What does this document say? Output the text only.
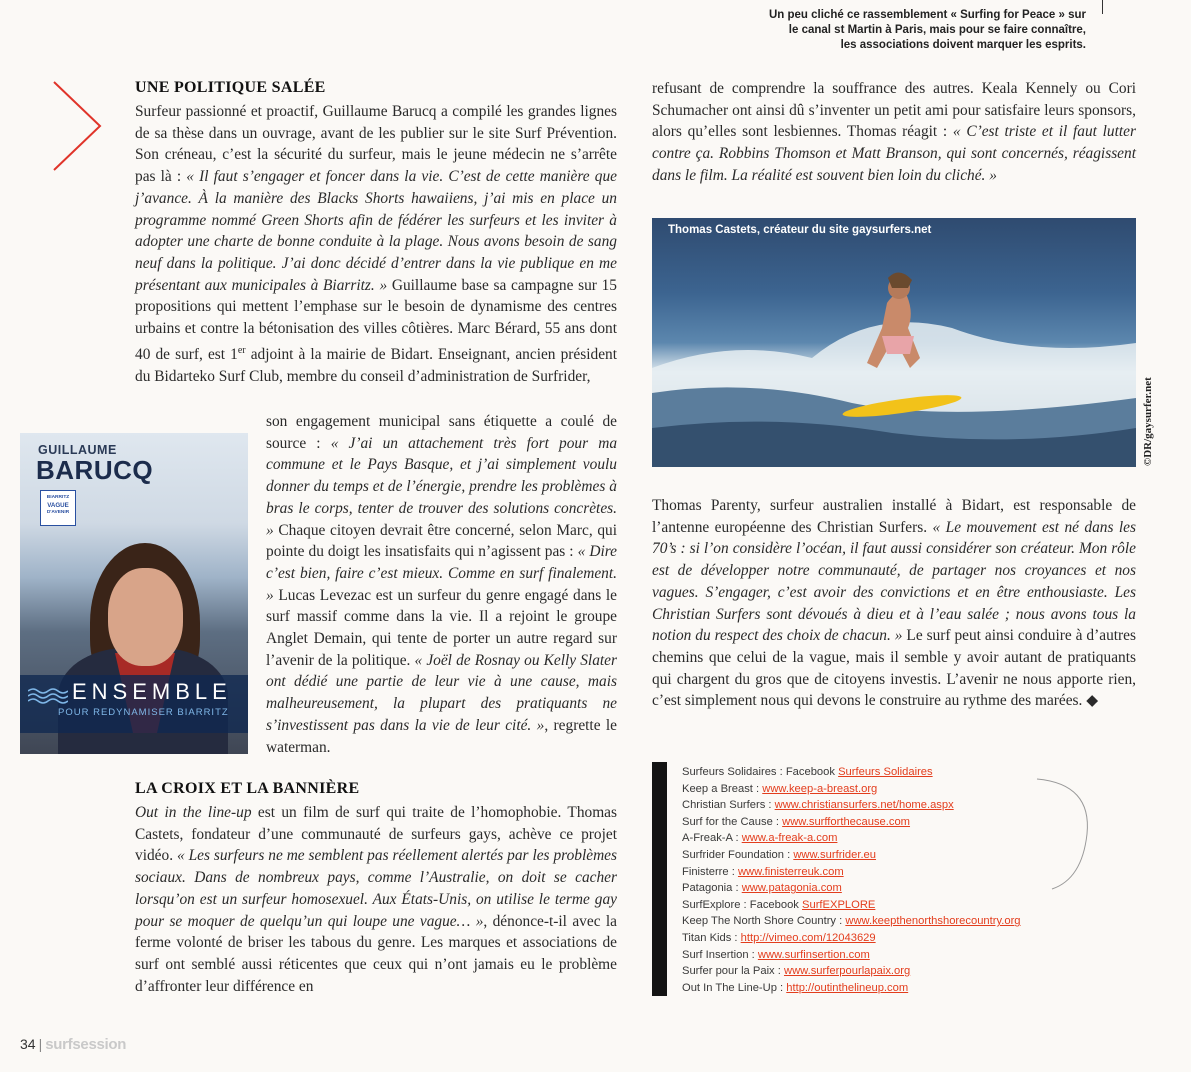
Un peu cliché ce rassemblement « Surfing for Peace » sur
le canal st Martin à Paris, mais pour se faire connaître,
les associations doivent marquer les esprits.
UNE POLITIQUE SALÉE

Surfeur passionné et proactif, Guillaume Barucq a compilé les grandes lignes de sa thèse dans un ouvrage, avant de les publier sur le site Surf Prévention. Son créneau, c’est la sécurité du surfeur, mais le jeune médecin ne s’arrête pas là : « Il faut s’engager et foncer dans la vie. C’est de cette manière que j’avance. À la manière des Blacks Shorts hawaiiens, j’ai mis en place un programme nommé Green Shorts afin de fédérer les surfeurs et les inviter à adopter une charte de bonne conduite à la plage. Nous avons besoin de sang neuf dans la politique. J’ai donc décidé d’entrer dans la vie publique en me présentant aux municipales à Biarritz. » Guillaume base sa campagne sur 15 propositions qui mettent l’emphase sur le besoin de dynamisme des centres urbains et contre la bétonisation des villes côtières. Marc Bérard, 55 ans dont 40 de surf, est 1er adjoint à la mairie de Bidart. Enseignant, ancien président du Bidarteko Surf Club, membre du conseil d’administration de Surfrider,

GUILLAUME
BARUCQ
BIARRITZ
VAGUE
D'AVENIR
ENSEMBLE
POUR REDYNAMISER BIARRITZ

son engagement municipal sans étiquette a coulé de source : « J’ai un attachement très fort pour ma commune et le Pays Basque, et j’ai simplement voulu donner du temps et de l’énergie, prendre les problèmes à bras le corps, tenter de trouver des solutions concrètes. » Chaque citoyen devrait être concerné, selon Marc, qui pointe du doigt les insatisfaits qui n’agissent pas : « Dire c’est bien, faire c’est mieux. Comme en surf finalement. » Lucas Levezac est un surfeur du genre engagé dans le surf massif comme dans la vie. Il a rejoint le groupe Anglet Demain, qui tente de porter un autre regard sur l’avenir de la politique. « Joël de Rosnay ou Kelly Slater ont dédié une partie de leur vie à une cause, mais malheureusement, la plupart des pratiquants ne s’investissent pas dans la vie de leur cité. », regrette le waterman.

LA CROIX ET LA BANNIÈRE

Out in the line-up est un film de surf qui traite de l’homophobie. Thomas Castets, fondateur d’une communauté de surfeurs gays, achève ce projet vidéo. « Les surfeurs ne me semblent pas réellement alertés par les problèmes sociaux. Dans de nombreux pays, comme l’Australie, on doit se cacher lorsqu’on est un surfeur homosexuel. Aux États-Unis, on utilise le terme gay pour se moquer de quelqu’un qui loupe une vague… », dénonce-t-il avec la ferme volonté de briser les tabous du genre. Les marques et associations de surf ont semblé aussi réticentes que ceux qui n’ont jamais eu le problème d’affronter leur différence en

refusant de comprendre la souffrance des autres. Keala Kennely ou Cori Schumacher ont ainsi dû s’inventer un petit ami pour satisfaire leurs sponsors, alors qu’elles sont lesbiennes. Thomas réagit : « C’est triste et il faut lutter contre ça. Robbins Thomson et Matt Branson, qui sont concernés, réagissent dans le film. La réalité est souvent bien loin du cliché. »

Thomas Castets, créateur du site gaysurfers.net
©DR/gaysurfer.net

Thomas Parenty, surfeur australien installé à Bidart, est responsable de l’antenne européenne des Christian Surfers. « Le mouvement est né dans les 70’s : si l’on considère l’océan, il faut aussi considérer son créateur. Mon rôle est de développer notre communauté, de partager nos croyances et nos vagues. S’engager, c’est avoir des convictions et en être enthousiaste. Les Christian Surfers sont dévoués à dieu et à l’eau salée ; nous avons tous la notion du respect des choix de chacun. » Le surf peut ainsi conduire à d’autres chemins que celui de la vague, mais il semble y avoir autant de pratiquants qui chargent du gros que de citoyens investis. L’avenir ne nous apporte rien, c’est simplement nous qui devons le construire au rythme des marées. ◆

Surfeurs Solidaires : Facebook Surfeurs Solidaires
Keep a Breast : www.keep-a-breast.org
Christian Surfers : www.christiansurfers.net/home.aspx
Surf for the Cause : www.surfforthecause.com
A-Freak-A : www.a-freak-a.com
Surfrider Foundation : www.surfrider.eu
Finisterre : www.finisterreuk.com
Patagonia : www.patagonia.com
SurfExplore : Facebook SurfEXPLORE
Keep The North Shore Country : www.keepthenorthshorecountry.org
Titan Kids : http://vimeo.com/12043629
Surf Insertion : www.surfinsertion.com
Surfer pour la Paix : www.surferpourlapaix.org
Out In The Line-Up : http://outinthelineup.com
34 | surfsession
